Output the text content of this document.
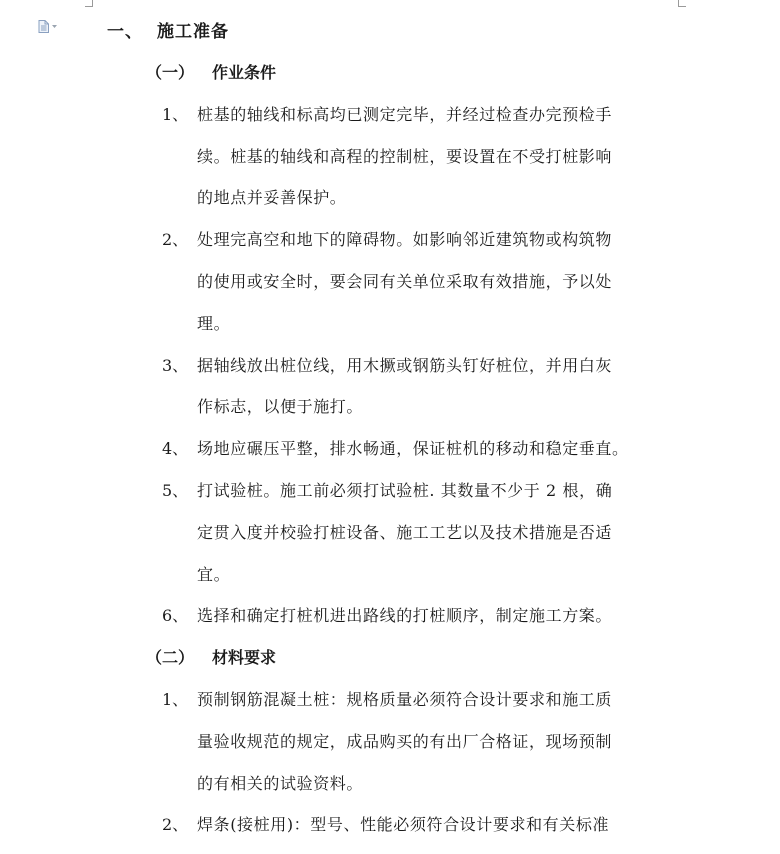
一、 施工准备
（一） 作业条件
1、 桩基的轴线和标高均已测定完毕，并经过检查办完预检手
续。桩基的轴线和高程的控制桩，要设置在不受打桩影响
的地点并妥善保护。
2、 处理完高空和地下的障碍物。如影响邻近建筑物或构筑物
的使用或安全时，要会同有关单位采取有效措施，予以处
理。
3、 据轴线放出桩位线，用木撅或钢筋头钉好桩位，并用白灰
作标志，以便于施打。
4、 场地应碾压平整，排水畅通，保证桩机的移动和稳定垂直。
5、 打试验桩。施工前必须打试验桩. 其数量不少于 2 根，确
定贯入度并校验打桩设备、施工工艺以及技术措施是否适
宜。
6、 选择和确定打桩机进出路线的打桩顺序，制定施工方案。
（二） 材料要求
1、 预制钢筋混凝土桩：规格质量必须符合设计要求和施工质
量验收规范的规定，成品购买的有出厂合格证，现场预制
的有相关的试验资料。
2、 焊条(接桩用)：型号、性能必须符合设计要求和有关标准
